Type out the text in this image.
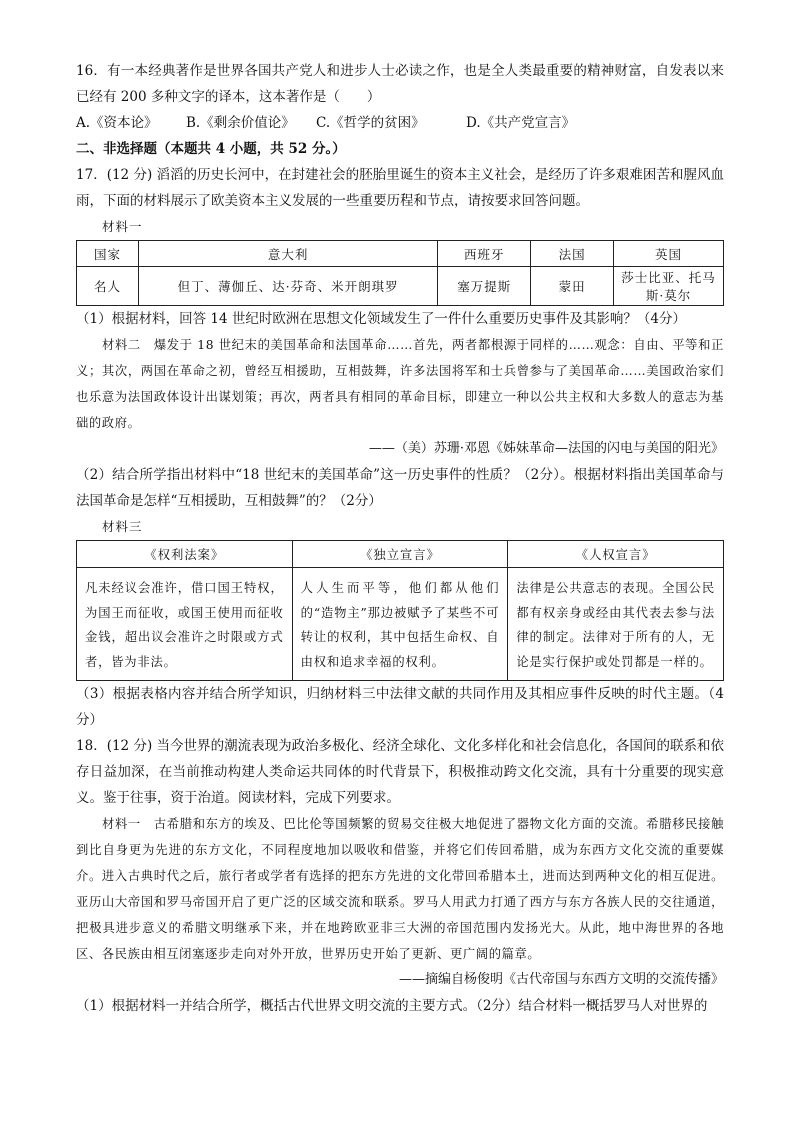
16．有一本经典著作是世界各国共产党人和进步人士必读之作，也是全人类最重要的精神财富，自发表以来已经有 200 多种文字的译本，这本著作是（　　）

A.《资本论》	B.《剩余价值论》	C.《哲学的贫困》	D.《共产党宣言》

二、非选择题（本题共 4 小题，共 52 分。）

17．(12 分) 滔滔的历史长河中，在封建社会的胚胎里诞生的资本主义社会，是经历了许多艰难困苦和腥风血雨，下面的材料展示了欧美资本主义发展的一些重要历程和节点，请按要求回答问题。

材料一

国家	意大利	西班牙	法国	英国
名人	但丁、薄伽丘、达·芬奇、米开朗琪罗	塞万提斯	蒙田	莎士比亚、托马斯·莫尔

（1）根据材料，回答 14 世纪时欧洲在思想文化领域发生了一件什么重要历史事件及其影响？（4分）

材料二　爆发于 18 世纪末的美国革命和法国革命……首先，两者都根源于同样的……观念：自由、平等和正义；其次，两国在革命之初，曾经互相援助，互相鼓舞，许多法国将军和士兵曾参与了美国革命……美国政治家们也乐意为法国政体设计出谋划策；再次，两者具有相同的革命目标，即建立一种以公共主权和大多数人的意志为基础的政府。

——（美）苏珊·邓恩《姊妹革命—法国的闪电与美国的阳光》

（2）结合所学指出材料中“18 世纪末的美国革命”这一历史事件的性质？（2分）。根据材料指出美国革命与法国革命是怎样“互相援助，互相鼓舞”的？（2分）

材料三

《权利法案》	《独立宣言》	《人权宣言》
凡未经议会准许，借口国王特权，为国王而征收，或国王使用而征收金钱，超出议会准许之时限或方式者，皆为非法。	人人生而平等，他们都从他们的“造物主”那边被赋予了某些不可转让的权利，其中包括生命权、自由权和追求幸福的权利。	法律是公共意志的表现。全国公民都有权亲身或经由其代表去参与法律的制定。法律对于所有的人，无论是实行保护或处罚都是一样的。

（3）根据表格内容并结合所学知识，归纳材料三中法律文献的共同作用及其相应事件反映的时代主题。（4分）

18．(12 分) 当今世界的潮流表现为政治多极化、经济全球化、文化多样化和社会信息化，各国间的联系和依存日益加深，在当前推动构建人类命运共同体的时代背景下，积极推动跨文化交流，具有十分重要的现实意义。鉴于往事，资于治道。阅读材料，完成下列要求。

材料一　古希腊和东方的埃及、巴比伦等国频繁的贸易交往极大地促进了器物文化方面的交流。希腊移民接触到比自身更为先进的东方文化，不同程度地加以吸收和借鉴，并将它们传回希腊，成为东西方文化交流的重要媒介。进入古典时代之后，旅行者或学者有选择的把东方先进的文化带回希腊本土，进而达到两种文化的相互促进。亚历山大帝国和罗马帝国开启了更广泛的区域交流和联系。罗马人用武力打通了西方与东方各族人民的交往通道，把极具进步意义的希腊文明继承下来，并在地跨欧亚非三大洲的帝国范围内发扬光大。从此，地中海世界的各地区、各民族由相互闭塞逐步走向对外开放，世界历史开始了更新、更广阔的篇章。

——摘编自杨俊明《古代帝国与东西方文明的交流传播》

（1）根据材料一并结合所学，概括古代世界文明交流的主要方式。（2分）结合材料一概括罗马人对世界的
